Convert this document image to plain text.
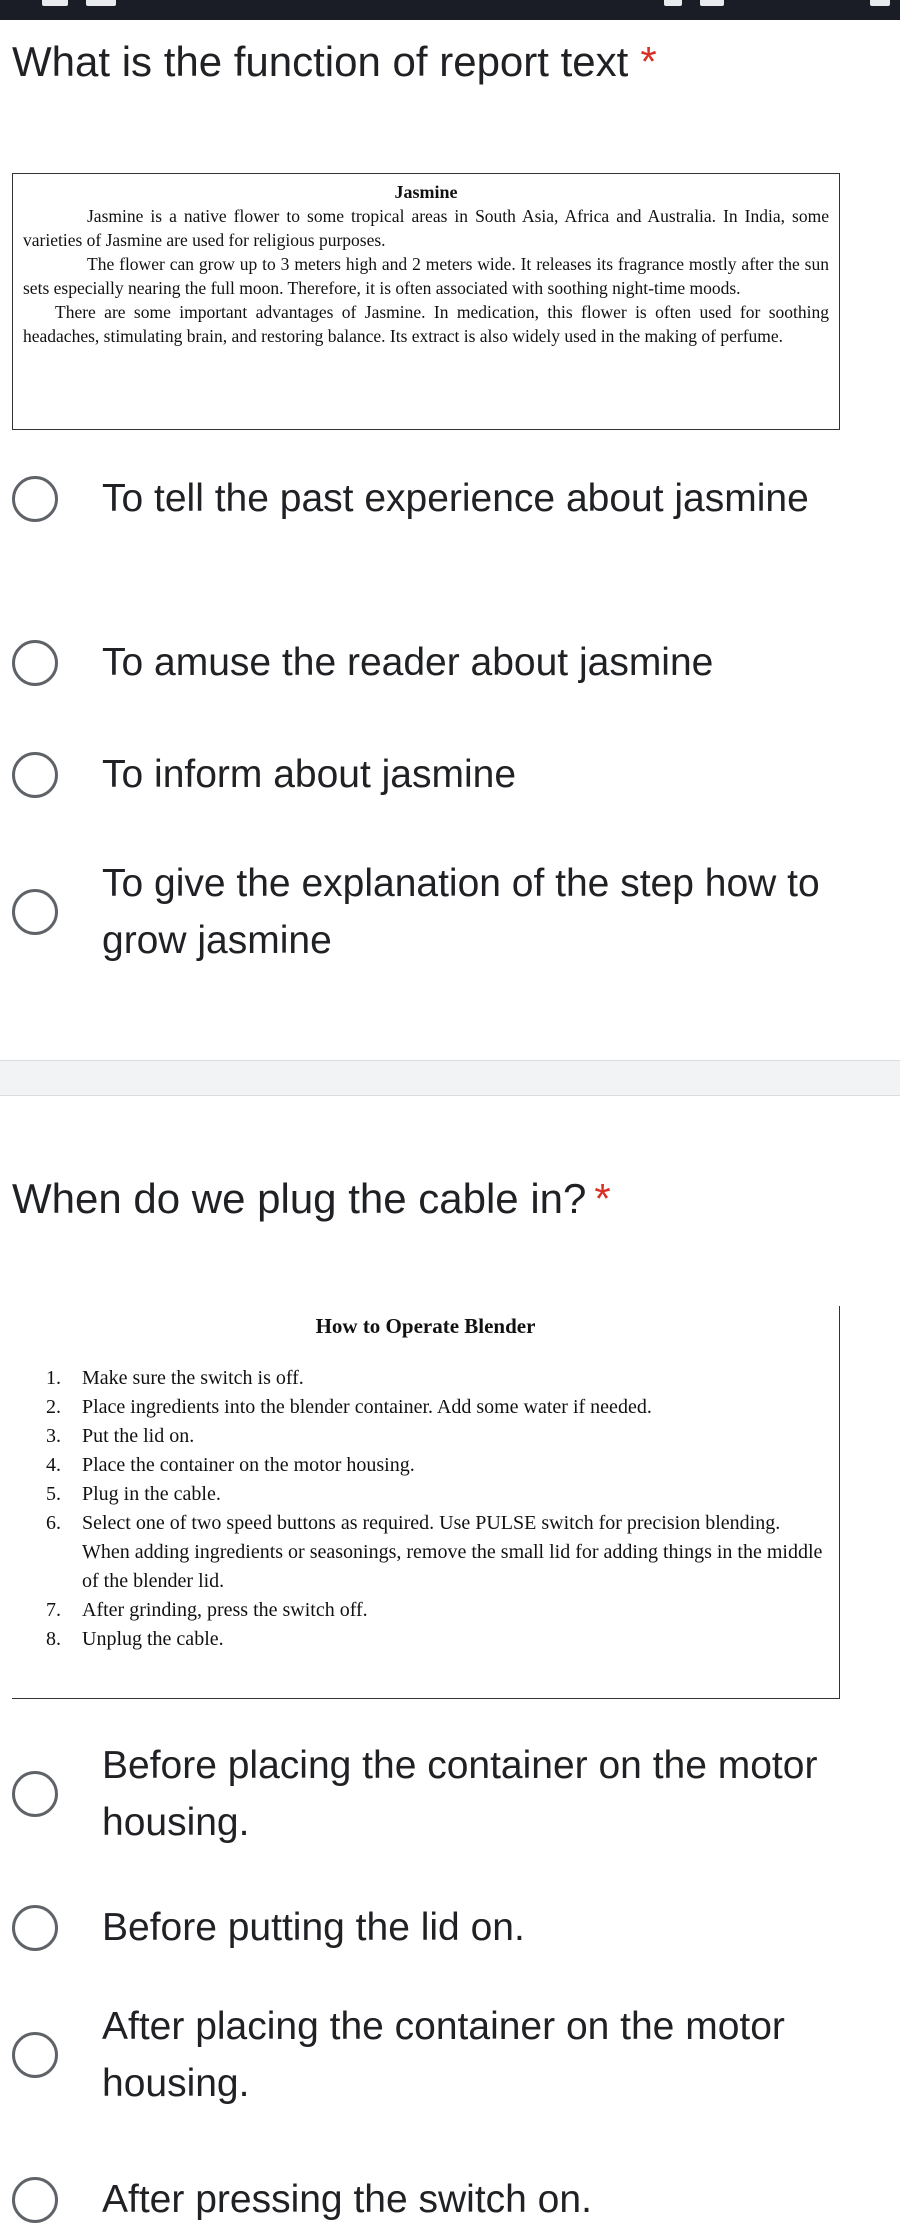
What is the function of report text *
Jasmine

Jasmine is a native flower to some tropical areas in South Asia, Africa and Australia. In India, some varieties of Jasmine are used for religious purposes.

The flower can grow up to 3 meters high and 2 meters wide. It releases its fragrance mostly after the sun sets especially nearing the full moon. Therefore, it is often associated with soothing night-time moods.

There are some important advantages of Jasmine. In medication, this flower is often used for soothing headaches, stimulating brain, and restoring balance. Its extract is also widely used in the making of perfume.

To tell the past experience about jasmine
To amuse the reader about jasmine
To inform about jasmine
To give the explanation of the step how to grow jasmine
When do we plug the cable in? *
How to Operate Blender
1.	Make sure the switch is off.
2.	Place ingredients into the blender container. Add some water if needed.
3.	Put the lid on.
4.	Place the container on the motor housing.
5.	Plug in the cable.
6.	Select one of two speed buttons as required. Use PULSE switch for precision blending. When adding ingredients or seasonings, remove the small lid for adding things in the middle of the blender lid.
7.	After grinding, press the switch off.
8.	Unplug the cable.
Before placing the container on the motor housing.
Before putting the lid on.
After placing the container on the motor housing.
After pressing the switch on.
